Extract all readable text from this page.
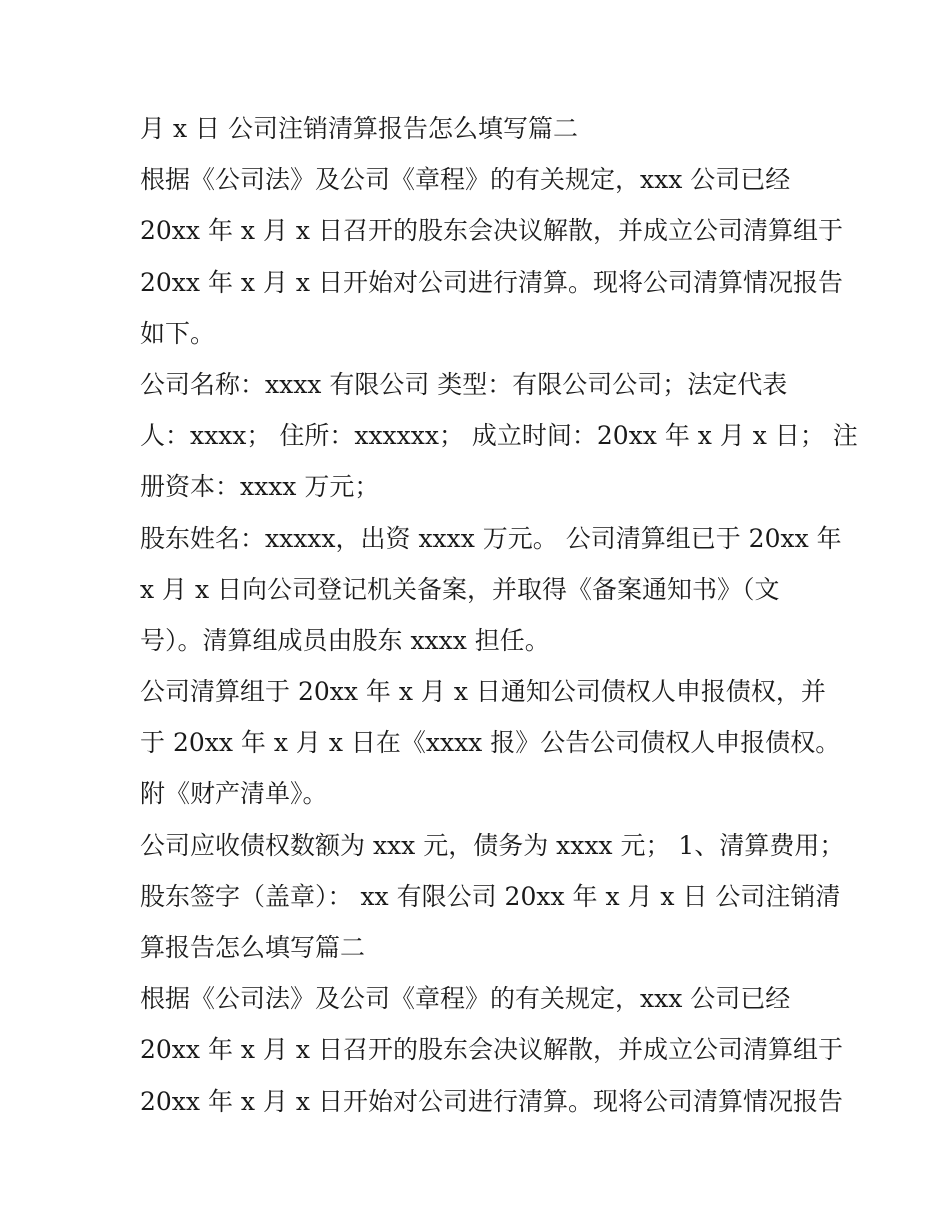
月 x 日 公司注销清算报告怎么填写篇二
根据《公司法》及公司《章程》的有关规定，xxx 公司已经
20xx 年 x 月 x 日召开的股东会决议解散，并成立公司清算组于
20xx 年 x 月 x 日开始对公司进行清算。现将公司清算情况报告
如下。
公司名称：xxxx 有限公司 类型：有限公司公司；法定代表
人：xxxx； 住所：xxxxxx； 成立时间：20xx 年 x 月 x 日； 注
册资本：xxxx 万元；
股东姓名：xxxxx，出资 xxxx 万元。 公司清算组已于 20xx 年
x 月 x 日向公司登记机关备案，并取得《备案通知书》（文
号）。清算组成员由股东 xxxx 担任。
公司清算组于 20xx 年 x 月 x 日通知公司债权人申报债权，并
于 20xx 年 x 月 x 日在《xxxx 报》公告公司债权人申报债权。
附《财产清单》。
公司应收债权数额为 xxx 元，债务为 xxxx 元； 1、清算费用；
股东签字（盖章）： xx 有限公司 20xx 年 x 月 x 日 公司注销清
算报告怎么填写篇二
根据《公司法》及公司《章程》的有关规定，xxx 公司已经
20xx 年 x 月 x 日召开的股东会决议解散，并成立公司清算组于
20xx 年 x 月 x 日开始对公司进行清算。现将公司清算情况报告
